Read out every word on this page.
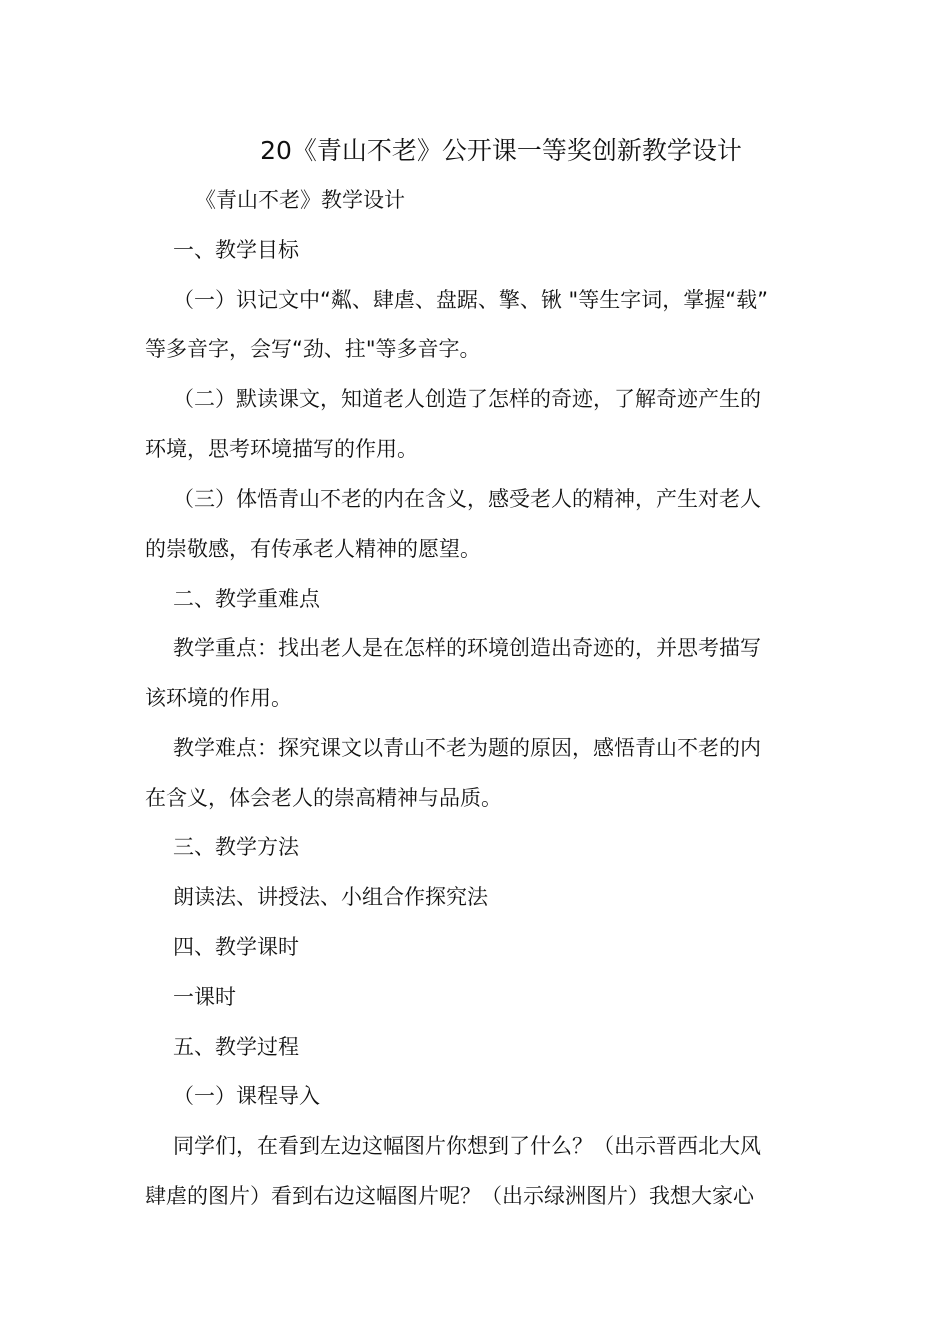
20《青山不老》公开课一等奖创新教学设计
《青山不老》教学设计
一、教学目标
（一）识记文中“粼、肆虐、盘踞、擎、锹 "等生字词，掌握“载”
等多音字，会写“劲、拄"等多音字。
（二）默读课文，知道老人创造了怎样的奇迹，了解奇迹产生的
环境，思考环境描写的作用。
（三）体悟青山不老的内在含义，感受老人的精神，产生对老人
的崇敬感，有传承老人精神的愿望。
二、教学重难点
教学重点：找出老人是在怎样的环境创造出奇迹的，并思考描写
该环境的作用。
教学难点：探究课文以青山不老为题的原因，感悟青山不老的内
在含义，体会老人的崇高精神与品质。
三、教学方法
朗读法、讲授法、小组合作探究法
四、教学课时
一课时
五、教学过程
（一）课程导入
同学们，在看到左边这幅图片你想到了什么？（出示晋西北大风
肆虐的图片）看到右边这幅图片呢？（出示绿洲图片）我想大家心
